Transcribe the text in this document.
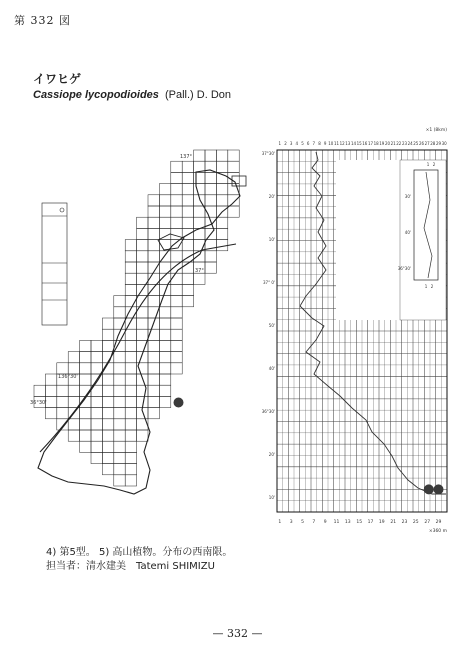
第 332 図
イワヒゲ
Cassiope lycopodioides (Pall.) D. Don
137°
37°
136°30'
36°30'
1 2 3 4 5 6 7 8 9 10 11 12 13 14 15 16 17 18 19 20 21 22 23 24 25 26 27 28 29 30
×1 (8km)
1 3 5 7 9 11 13 15 17 19 21 23 25 27 29
×360 m
37°30'
20'
10'
37° 0'
50'
40'
36°30'
20'
10'
30'
40'
36°30'
1 2
1 2
4) 第5型。 5) 高山植物。分布の西南限。
担当者：清水建美　Tatemi SHIMIZU
— 332 —
